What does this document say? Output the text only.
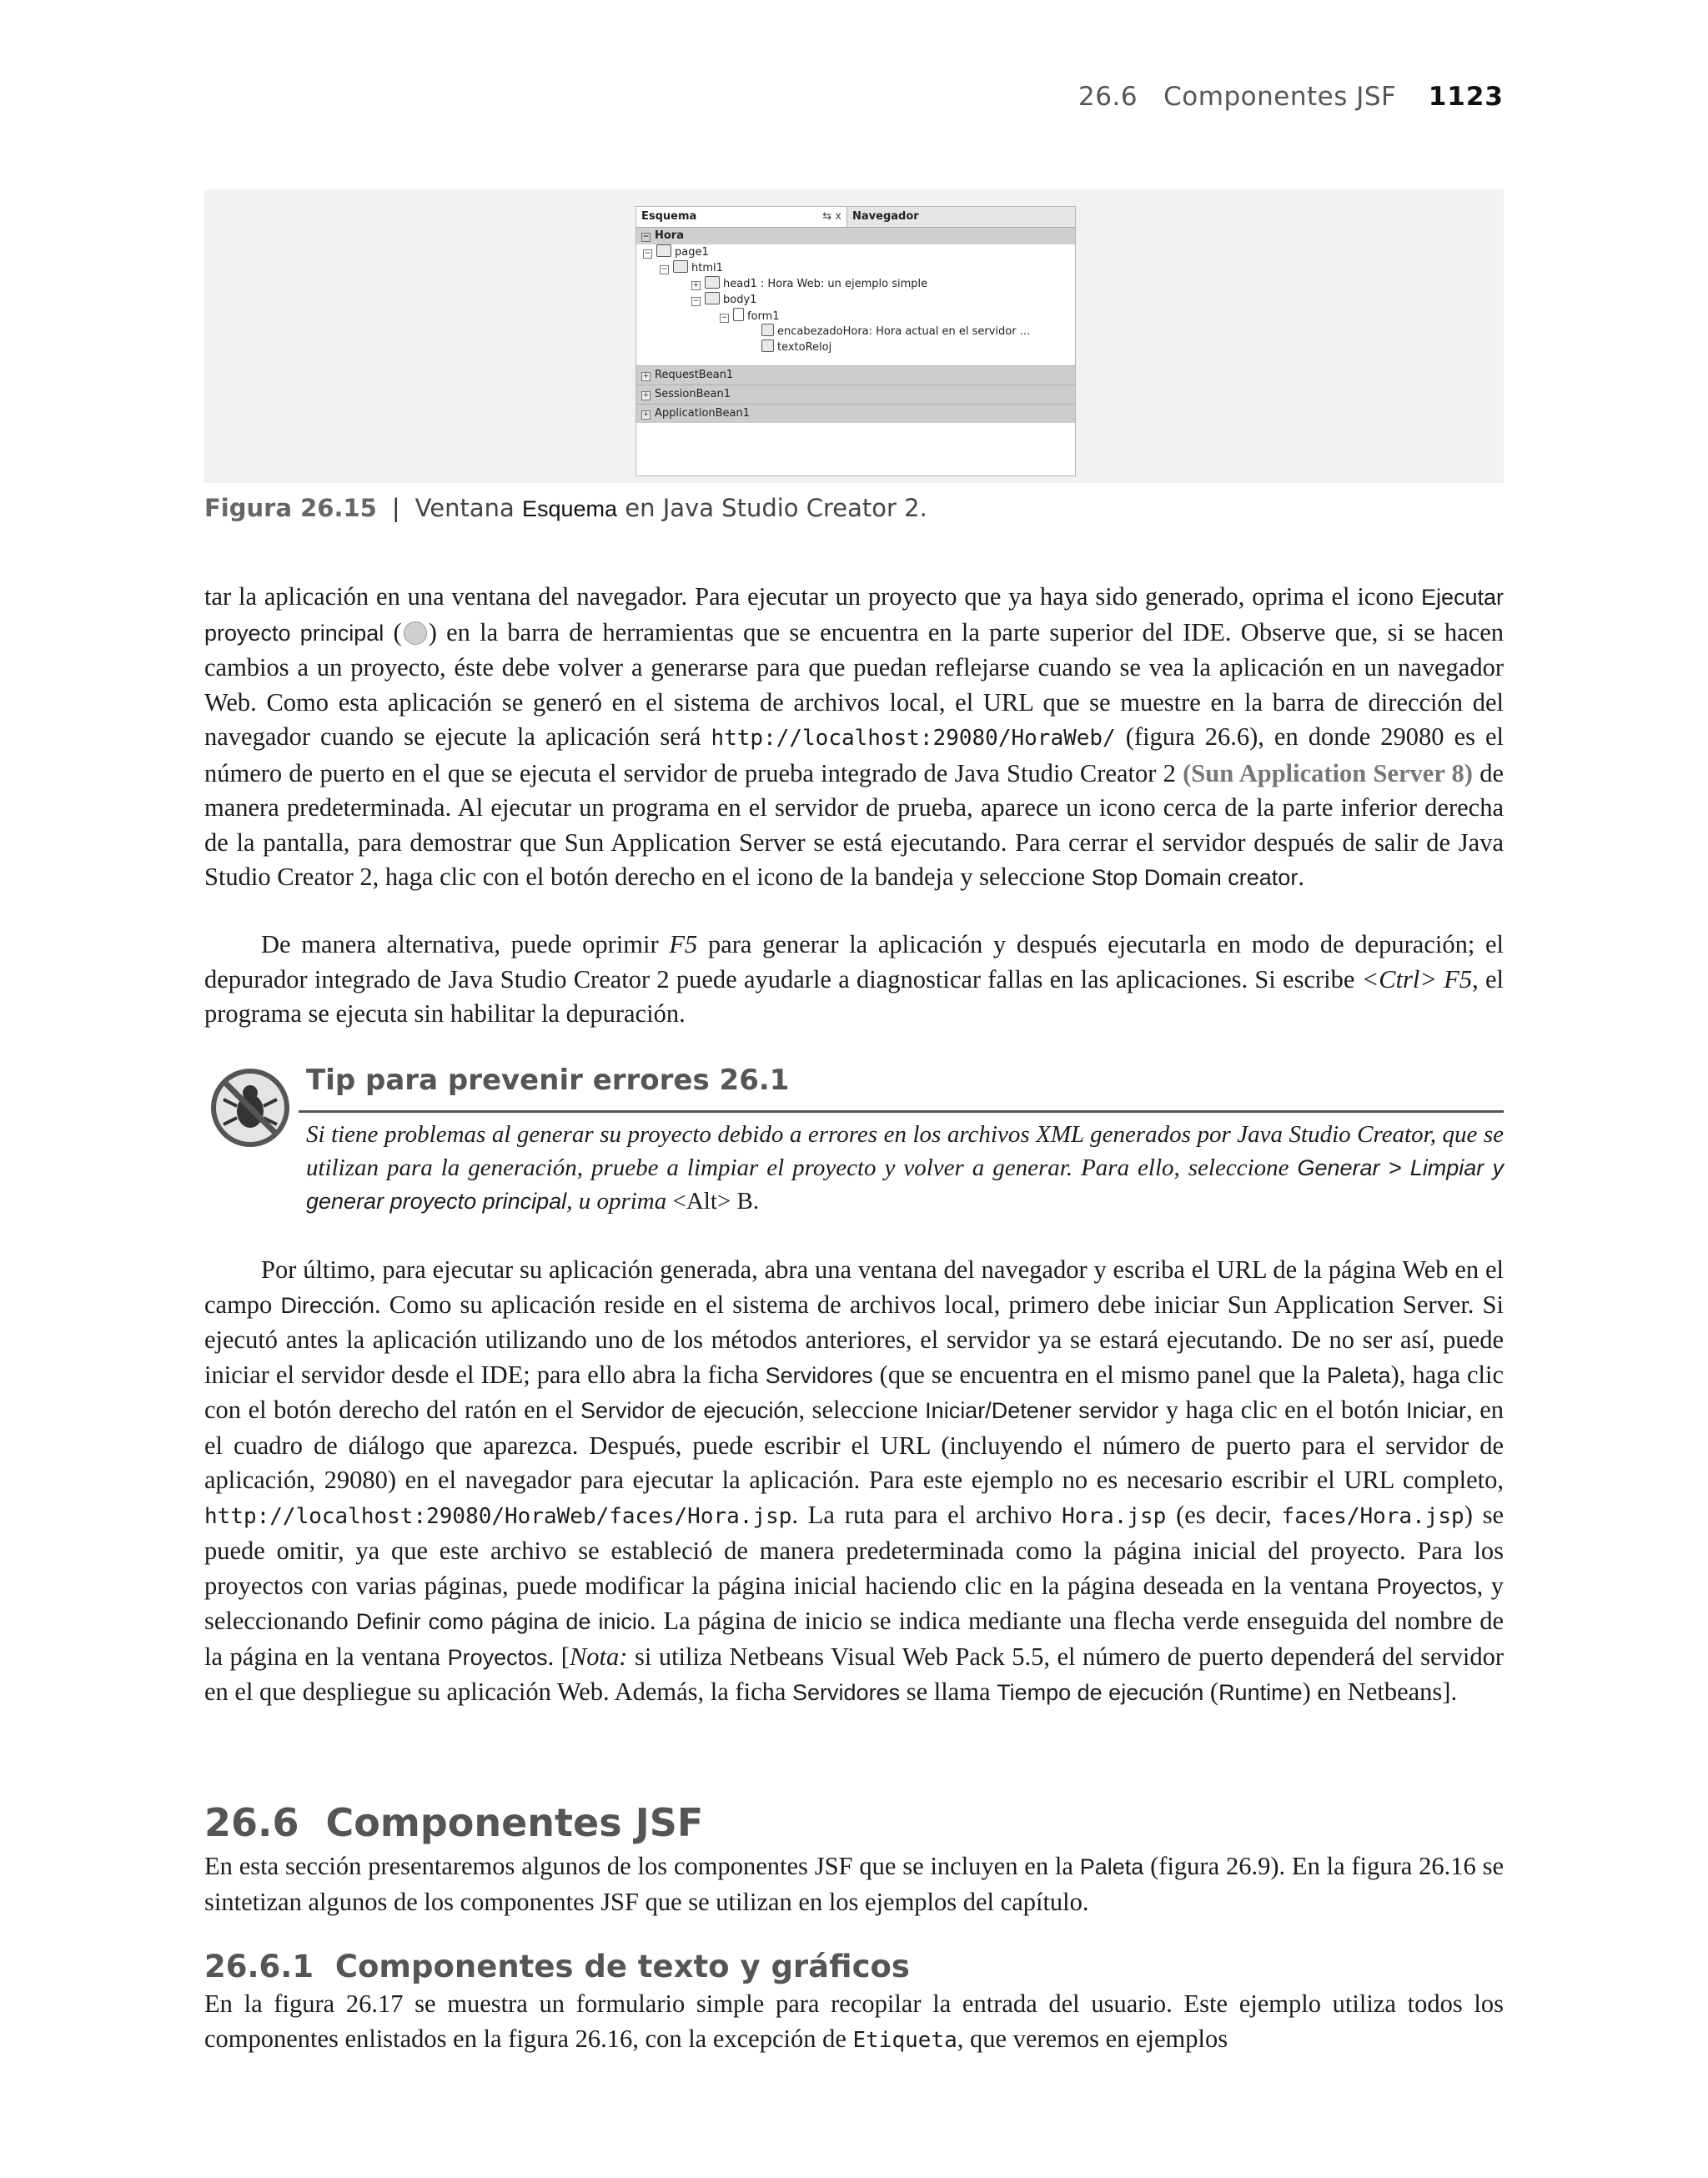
26.6 Componentes JSF 1123
Esquema	⇆ x	Navegador
− Hora
− page1
− html1
+ head1 : Hora Web: un ejemplo simple
− body1
− form1
encabezadoHora: Hora actual en el servidor ...
textoReloj
+ RequestBean1
+ SessionBean1
+ ApplicationBean1
Figura 26.15 | Ventana Esquema en Java Studio Creator 2.
tar la aplicación en una ventana del navegador. Para ejecutar un proyecto que ya haya sido generado, oprima el icono Ejecutar proyecto principal ( ) en la barra de herramientas que se encuentra en la parte superior del IDE. Observe que, si se hacen cambios a un proyecto, éste debe volver a generarse para que puedan reflejarse cuando se vea la aplicación en un navegador Web. Como esta aplicación se generó en el sistema de archivos local, el URL que se muestre en la barra de dirección del navegador cuando se ejecute la aplicación será http://localhost:29080/HoraWeb/ (figura 26.6), en donde 29080 es el número de puerto en el que se ejecuta el servidor de prueba integrado de Java Studio Creator 2 (Sun Application Server 8) de manera predeterminada. Al ejecutar un programa en el servidor de prueba, aparece un icono cerca de la parte inferior derecha de la pantalla, para demostrar que Sun Application Server se está ejecutando. Para cerrar el servidor después de salir de Java Studio Creator 2, haga clic con el botón derecho en el icono de la bandeja y seleccione Stop Domain creator.
De manera alternativa, puede oprimir F5 para generar la aplicación y después ejecutarla en modo de depuración; el depurador integrado de Java Studio Creator 2 puede ayudarle a diagnosticar fallas en las aplicaciones. Si escribe <Ctrl> F5, el programa se ejecuta sin habilitar la depuración.
Tip para prevenir errores 26.1
Si tiene problemas al generar su proyecto debido a errores en los archivos XML generados por Java Studio Creator, que se utilizan para la generación, pruebe a limpiar el proyecto y volver a generar. Para ello, seleccione Generar > Limpiar y generar proyecto principal, u oprima <Alt> B.
Por último, para ejecutar su aplicación generada, abra una ventana del navegador y escriba el URL de la página Web en el campo Dirección. Como su aplicación reside en el sistema de archivos local, primero debe iniciar Sun Application Server. Si ejecutó antes la aplicación utilizando uno de los métodos anteriores, el servidor ya se estará ejecutando. De no ser así, puede iniciar el servidor desde el IDE; para ello abra la ficha Servidores (que se encuentra en el mismo panel que la Paleta), haga clic con el botón derecho del ratón en el Servidor de ejecución, seleccione Iniciar/Detener servidor y haga clic en el botón Iniciar, en el cuadro de diálogo que aparezca. Después, puede escribir el URL (incluyendo el número de puerto para el servidor de aplicación, 29080) en el navegador para ejecutar la aplicación. Para este ejemplo no es necesario escribir el URL completo, http://localhost:29080/HoraWeb/faces/Hora.jsp. La ruta para el archivo Hora.jsp (es decir, faces/Hora.jsp) se puede omitir, ya que este archivo se estableció de manera predeterminada como la página inicial del proyecto. Para los proyectos con varias páginas, puede modificar la página inicial haciendo clic en la página deseada en la ventana Proyectos, y seleccionando Definir como página de inicio. La página de inicio se indica mediante una flecha verde enseguida del nombre de la página en la ventana Proyectos. [Nota: si utiliza Netbeans Visual Web Pack 5.5, el número de puerto dependerá del servidor en el que despliegue su aplicación Web. Además, la ficha Servidores se llama Tiempo de ejecución (Runtime) en Netbeans].
26.6  Componentes JSF
En esta sección presentaremos algunos de los componentes JSF que se incluyen en la Paleta (figura 26.9). En la figura 26.16 se sintetizan algunos de los componentes JSF que se utilizan en los ejemplos del capítulo.
26.6.1  Componentes de texto y gráficos
En la figura 26.17 se muestra un formulario simple para recopilar la entrada del usuario. Este ejemplo utiliza todos los componentes enlistados en la figura 26.16, con la excepción de Etiqueta, que veremos en ejemplos
